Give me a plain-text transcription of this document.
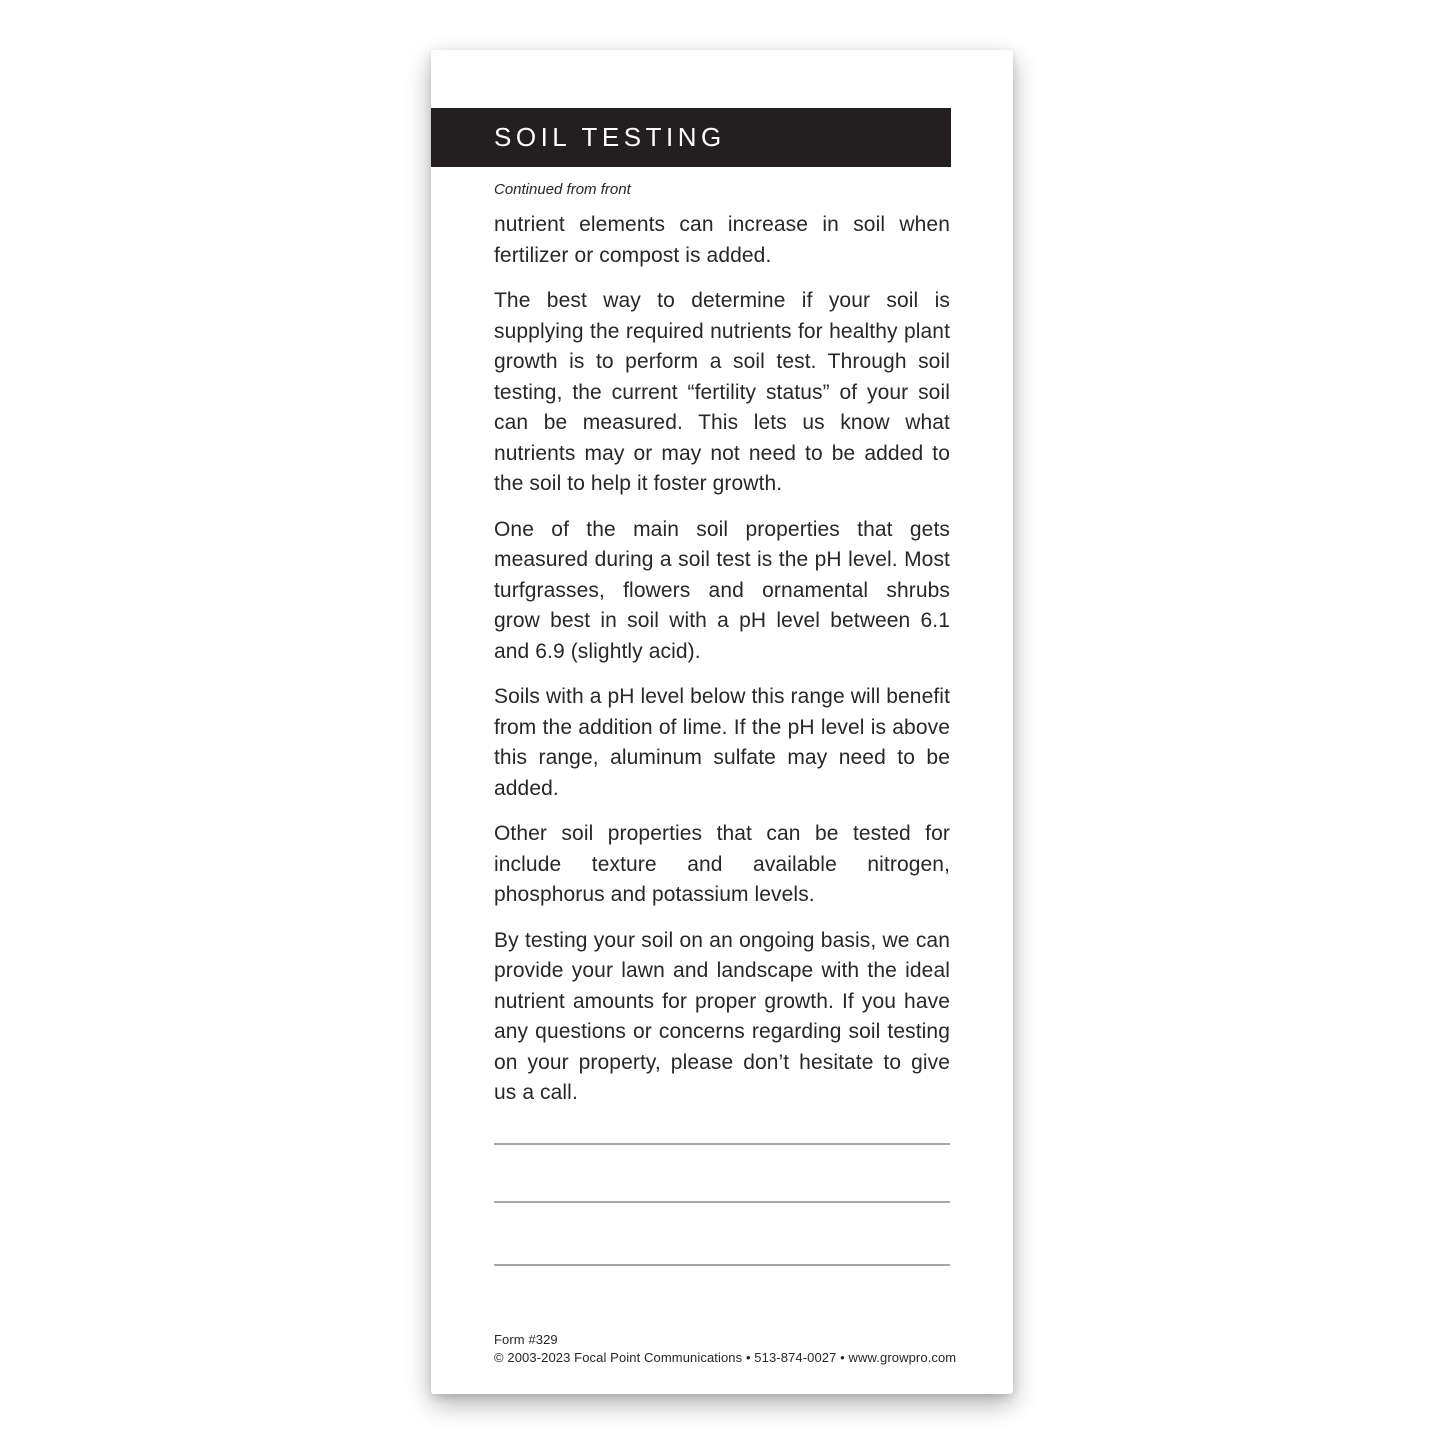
SOIL TESTING
Continued from front

nutrient elements can increase in soil when fertilizer or compost is added.

The best way to determine if your soil is supplying the required nutrients for healthy plant growth is to perform a soil test. Through soil testing, the current “fertility status” of your soil can be measured. This lets us know what nutrients may or may not need to be added to the soil to help it foster growth.

One of the main soil properties that gets measured during a soil test is the pH level. Most turfgrasses, flowers and ornamental shrubs grow best in soil with a pH level between 6.1 and 6.9 (slightly acid).

Soils with a pH level below this range will benefit from the addition of lime. If the pH level is above this range, aluminum sulfate may need to be added.

Other soil properties that can be tested for include texture and available nitrogen, phosphorus and potassium levels.

By testing your soil on an ongoing basis, we can provide your lawn and landscape with the ideal nutrient amounts for proper growth. If you have any questions or concerns regarding soil testing on your property, please don’t hesitate to give us a call.

Form #329
© 2003-2023 Focal Point Communications • 513-874-0027 • www.growpro.com
